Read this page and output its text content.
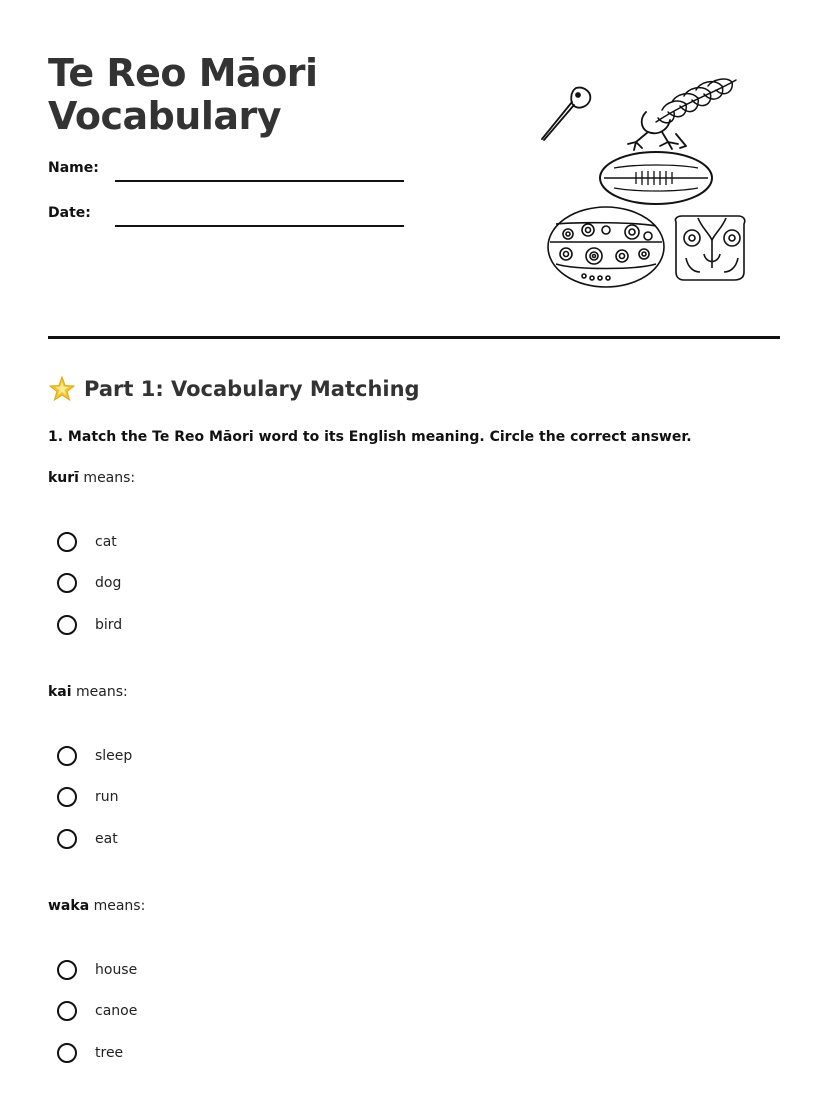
Te Reo Māori
Vocabulary
Name:
Date:
Part 1: Vocabulary Matching

1. Match the Te Reo Māori word to its English meaning. Circle the correct answer.

kurī means:

cat
dog
bird

kai means:

sleep
run
eat

waka means:

house
canoe
tree
